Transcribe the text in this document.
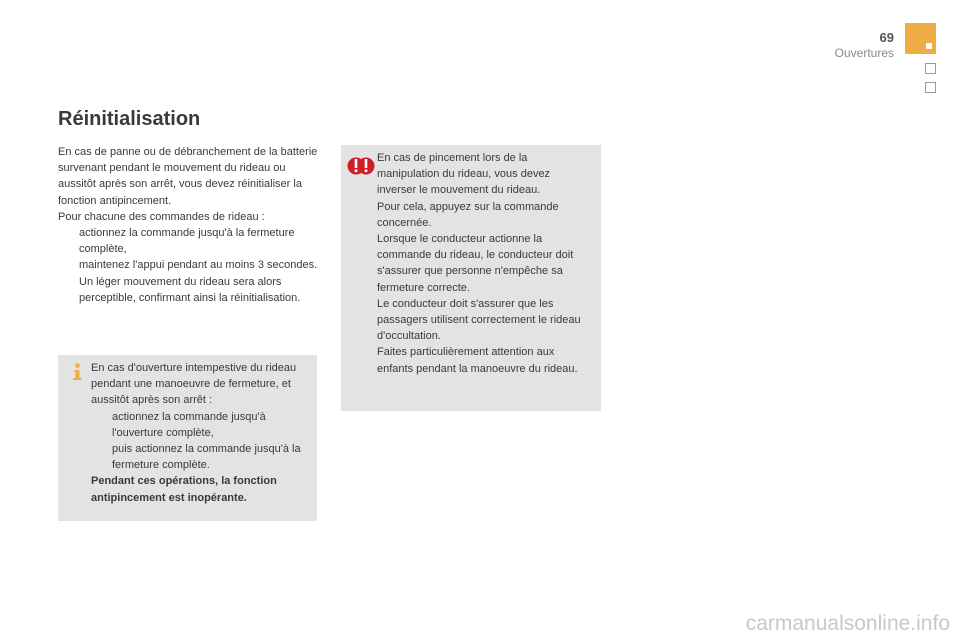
69
Ouvertures
Réinitialisation

En cas de panne ou de débranchement de la batterie survenant pendant le mouvement du rideau ou aussitôt après son arrêt, vous devez réinitialiser la fonction antipincement.

Pour chacune des commandes de rideau :

actionnez la commande jusqu'à la fermeture complète,
maintenez l'appui pendant au moins 3 secondes. Un léger mouvement du rideau sera alors perceptible, confirmant ainsi la réinitialisation.

En cas d'ouverture intempestive du rideau pendant une manoeuvre de fermeture, et aussitôt après son arrêt :

actionnez la commande jusqu'à l'ouverture complète,
puis actionnez la commande jusqu'à la fermeture complète.

Pendant ces opérations, la fonction antipincement est inopérante.

En cas de pincement lors de la manipulation du rideau, vous devez inverser le mouvement du rideau.

Pour cela, appuyez sur la commande concernée.

Lorsque le conducteur actionne la commande du rideau, le conducteur doit s'assurer que personne n'empêche sa fermeture correcte.

Le conducteur doit s'assurer que les passagers utilisent correctement le rideau d'occultation.

Faites particulièrement attention aux enfants pendant la manoeuvre du rideau.

carmanualsonline.info
